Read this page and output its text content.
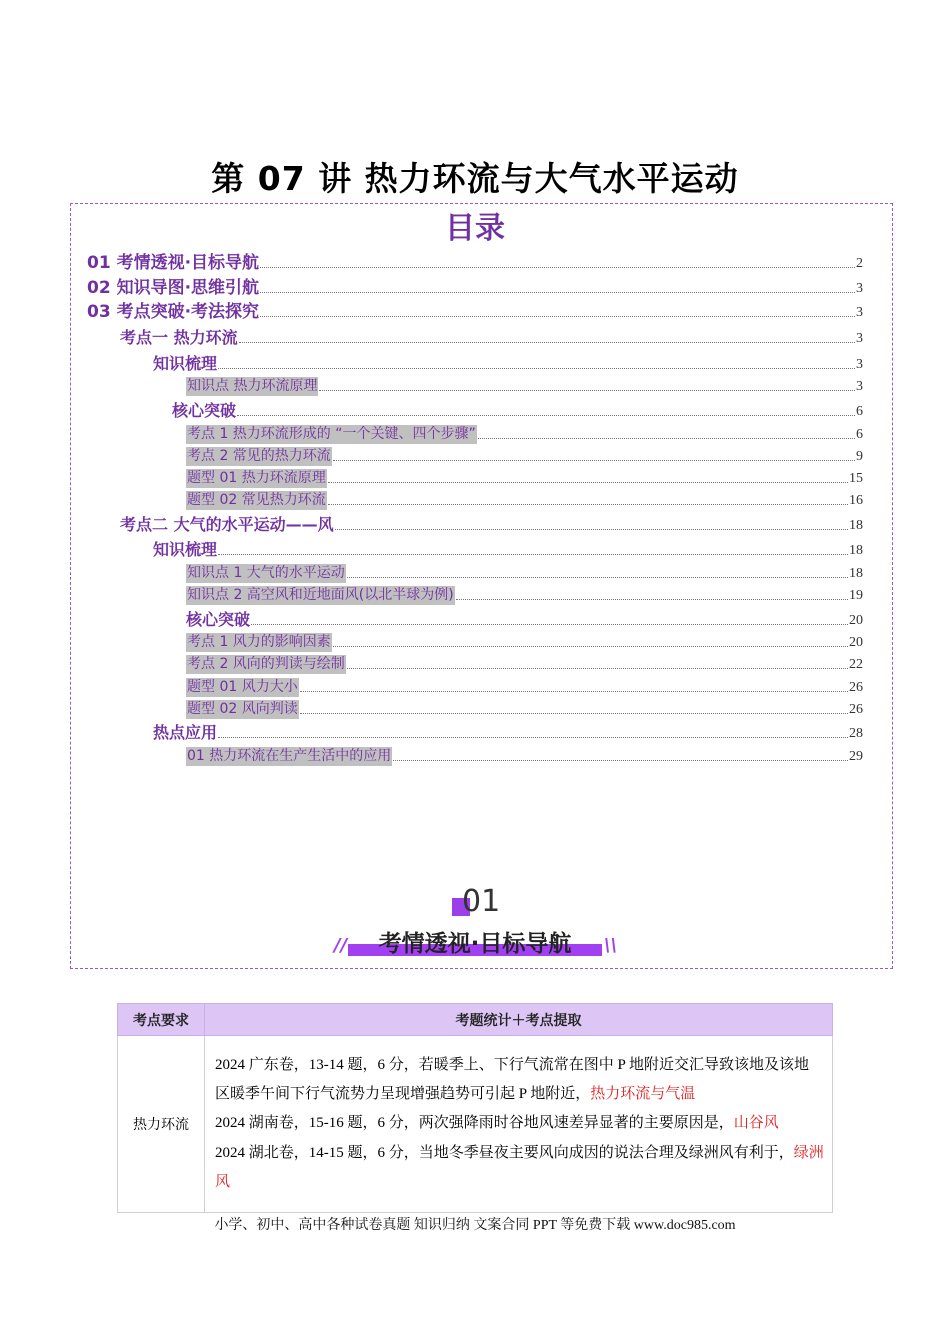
第 07 讲 热力环流与大气水平运动
目录
01 考情透视·目标导航	2
02 知识导图·思维引航	3
03 考点突破·考法探究	3
考点一 热力环流	3
知识梳理	3
知识点 热力环流原理	3
核心突破	6
考点 1 热力环流形成的 “一个关键、四个步骤”	6
考点 2 常见的热力环流	9
题型 01 热力环流原理	15
题型 02 常见热力环流	16
考点二 大气的水平运动——风	18
知识梳理	18
知识点 1 大气的水平运动	18
知识点 2 高空风和近地面风(以北半球为例)	19
核心突破	20
考点 1 风力的影响因素	20
考点 2 风向的判读与绘制	22
题型 01 风力大小	26
题型 02 风向判读	26
热点应用	28
01 热力环流在生产生活中的应用	29
01
//	\\
考情透视·目标导航
考点要求	考题统计＋考点提取
热力环流	2024 广东卷，13-14 题，6 分，若暖季上、下行气流常在图中 P 地附近交汇导致该地及该地区暖季午间下行气流势力呈现增强趋势可引起 P 地附近，热力环流与气温
2024 湖南卷，15-16 题，6 分，两次强降雨时谷地风速差异显著的主要原因是，山谷风
2024 湖北卷，14-15 题，6 分，当地冬季昼夜主要风向成因的说法合理及绿洲风有利于，绿洲风
小学、初中、高中各种试卷真题 知识归纳 文案合同 PPT 等免费下载 www.doc985.com
